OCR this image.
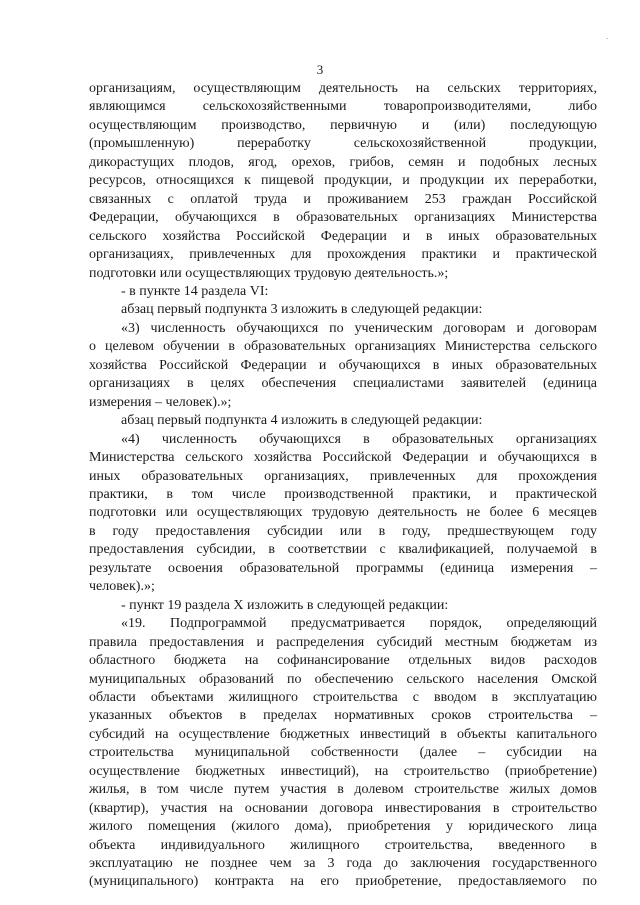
3
организациям, осуществляющим деятельность на сельских территориях,
являющимся сельскохозяйственными товаропроизводителями, либо
осуществляющим производство, первичную и (или) последующую
(промышленную) переработку сельскохозяйственной продукции,
дикорастущих плодов, ягод, орехов, грибов, семян и подобных лесных
ресурсов, относящихся к пищевой продукции, и продукции их переработки,
связанных с оплатой труда и проживанием 253 граждан Российской
Федерации, обучающихся в образовательных организациях Министерства
сельского хозяйства Российской Федерации и в иных образовательных
организациях, привлеченных для прохождения практики и практической
подготовки или осуществляющих трудовую деятельность.»;
- в пункте 14 раздела VI:
абзац первый подпункта 3 изложить в следующей редакции:
«3) численность обучающихся по ученическим договорам и договорам
о целевом обучении в образовательных организациях Министерства сельского
хозяйства Российской Федерации и обучающихся в иных образовательных
организациях в целях обеспечения специалистами заявителей (единица
измерения – человек).»;
абзац первый подпункта 4 изложить в следующей редакции:
«4) численность обучающихся в образовательных организациях
Министерства сельского хозяйства Российской Федерации и обучающихся в
иных образовательных организациях, привлеченных для прохождения
практики, в том числе производственной практики, и практической
подготовки или осуществляющих трудовую деятельность не более 6 месяцев
в году предоставления субсидии или в году, предшествующем году
предоставления субсидии, в соответствии с квалификацией, получаемой в
результате освоения образовательной программы (единица измерения –
человек).»;
- пункт 19 раздела X изложить в следующей редакции:
«19. Подпрограммой предусматривается порядок, определяющий
правила предоставления и распределения субсидий местным бюджетам из
областного бюджета на софинансирование отдельных видов расходов
муниципальных образований по обеспечению сельского населения Омской
области объектами жилищного строительства с вводом в эксплуатацию
указанных объектов в пределах нормативных сроков строительства –
субсидий на осуществление бюджетных инвестиций в объекты капитального
строительства муниципальной собственности (далее – субсидии на
осуществление бюджетных инвестиций), на строительство (приобретение)
жилья, в том числе путем участия в долевом строительстве жилых домов
(квартир), участия на основании договора инвестирования в строительство
жилого помещения (жилого дома), приобретения у юридического лица
объекта индивидуального жилищного строительства, введенного в
эксплуатацию не позднее чем за 3 года до заключения государственного
(муниципального) контракта на его приобретение, предоставляемого по
